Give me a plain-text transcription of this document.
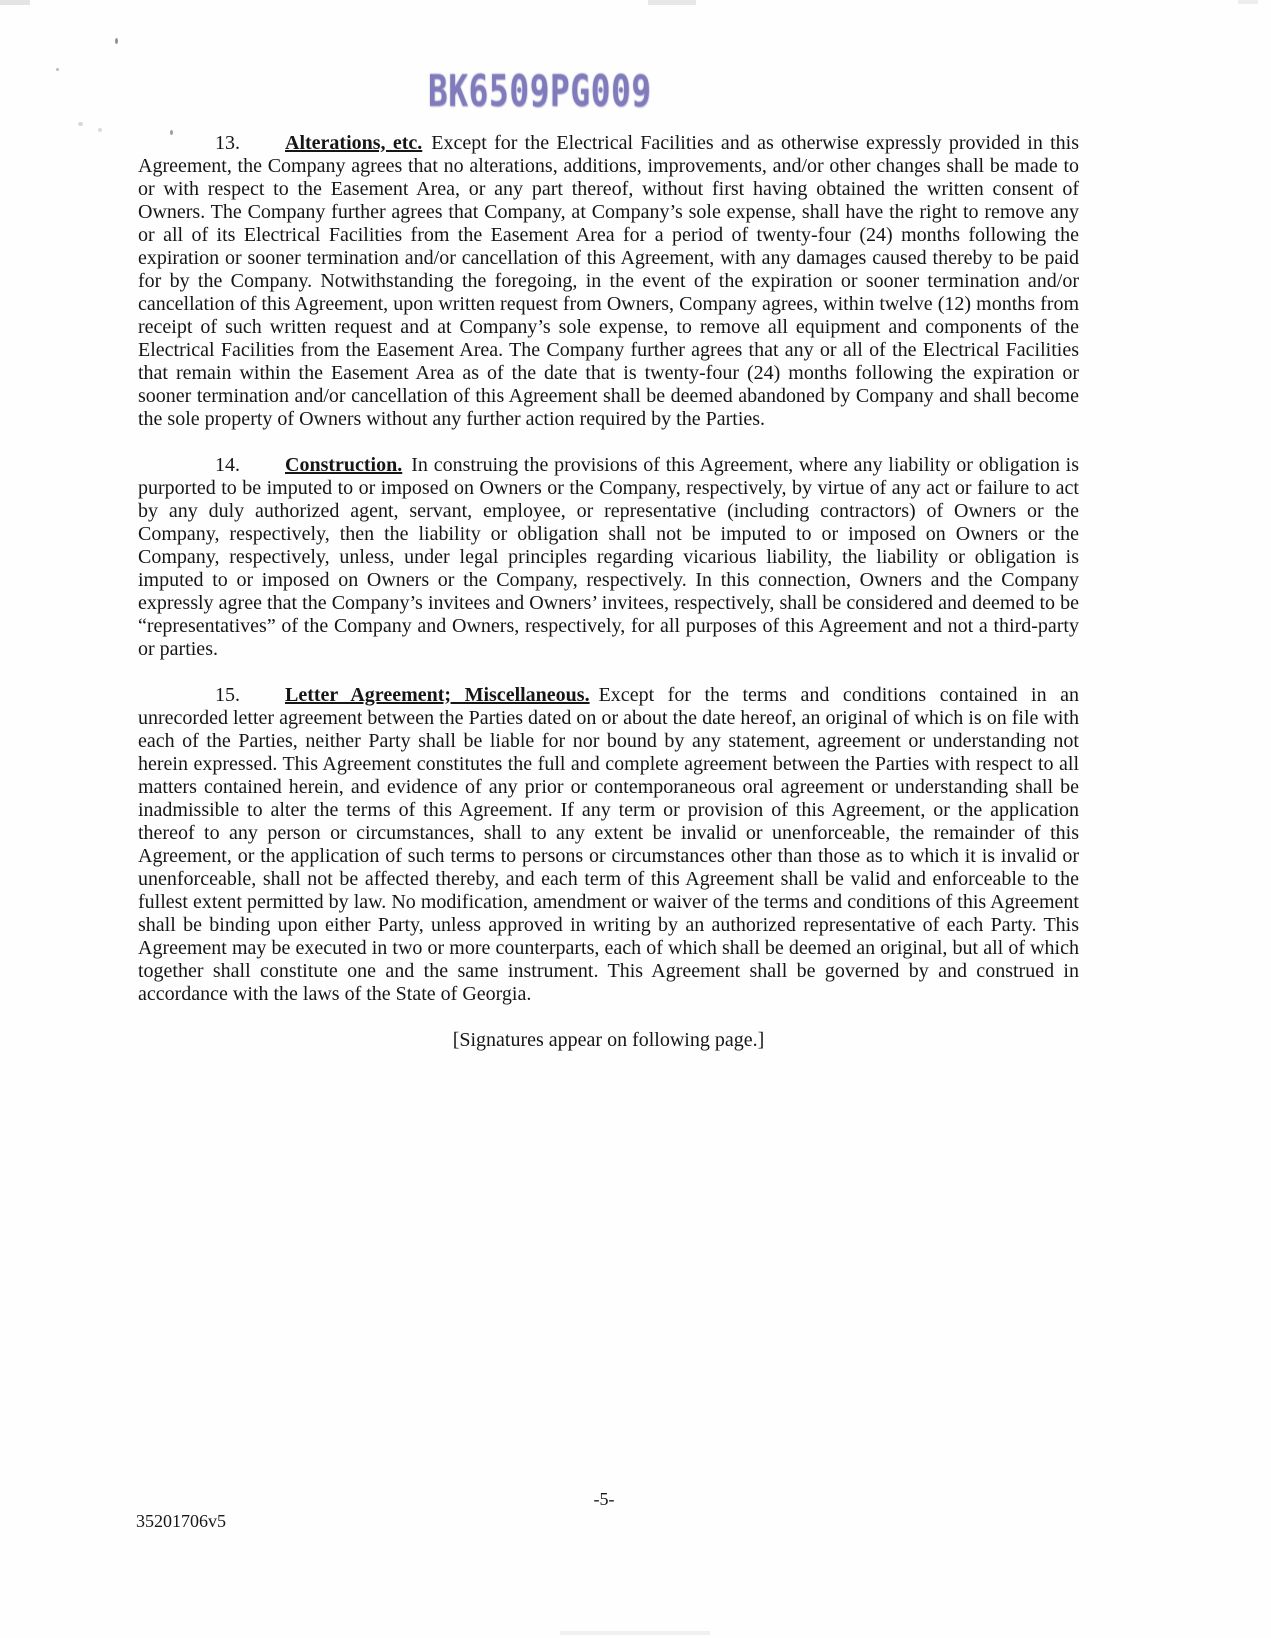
BK6509PG009

13. Alterations, etc. Except for the Electrical Facilities and as otherwise expressly provided in this Agreement, the Company agrees that no alterations, additions, improvements, and/or other changes shall be made to or with respect to the Easement Area, or any part thereof, without first having obtained the written consent of Owners. The Company further agrees that Company, at Company’s sole expense, shall have the right to remove any or all of its Electrical Facilities from the Easement Area for a period of twenty-four (24) months following the expiration or sooner termination and/or cancellation of this Agreement, with any damages caused thereby to be paid for by the Company. Notwithstanding the foregoing, in the event of the expiration or sooner termination and/or cancellation of this Agreement, upon written request from Owners, Company agrees, within twelve (12) months from receipt of such written request and at Company’s sole expense, to remove all equipment and components of the Electrical Facilities from the Easement Area. The Company further agrees that any or all of the Electrical Facilities that remain within the Easement Area as of the date that is twenty-four (24) months following the expiration or sooner termination and/or cancellation of this Agreement shall be deemed abandoned by Company and shall become the sole property of Owners without any further action required by the Parties.

14. Construction. In construing the provisions of this Agreement, where any liability or obligation is purported to be imputed to or imposed on Owners or the Company, respectively, by virtue of any act or failure to act by any duly authorized agent, servant, employee, or representative (including contractors) of Owners or the Company, respectively, then the liability or obligation shall not be imputed to or imposed on Owners or the Company, respectively, unless, under legal principles regarding vicarious liability, the liability or obligation is imputed to or imposed on Owners or the Company, respectively. In this connection, Owners and the Company expressly agree that the Company’s invitees and Owners’ invitees, respectively, shall be considered and deemed to be “representatives” of the Company and Owners, respectively, for all purposes of this Agreement and not a third-party or parties.

15. Letter Agreement; Miscellaneous. Except for the terms and conditions contained in an unrecorded letter agreement between the Parties dated on or about the date hereof, an original of which is on file with each of the Parties, neither Party shall be liable for nor bound by any statement, agreement or understanding not herein expressed. This Agreement constitutes the full and complete agreement between the Parties with respect to all matters contained herein, and evidence of any prior or contemporaneous oral agreement or understanding shall be inadmissible to alter the terms of this Agreement. If any term or provision of this Agreement, or the application thereof to any person or circumstances, shall to any extent be invalid or unenforceable, the remainder of this Agreement, or the application of such terms to persons or circumstances other than those as to which it is invalid or unenforceable, shall not be affected thereby, and each term of this Agreement shall be valid and enforceable to the fullest extent permitted by law. No modification, amendment or waiver of the terms and conditions of this Agreement shall be binding upon either Party, unless approved in writing by an authorized representative of each Party. This Agreement may be executed in two or more counterparts, each of which shall be deemed an original, but all of which together shall constitute one and the same instrument. This Agreement shall be governed by and construed in accordance with the laws of the State of Georgia.

[Signatures appear on following page.]

-5-
35201706v5
